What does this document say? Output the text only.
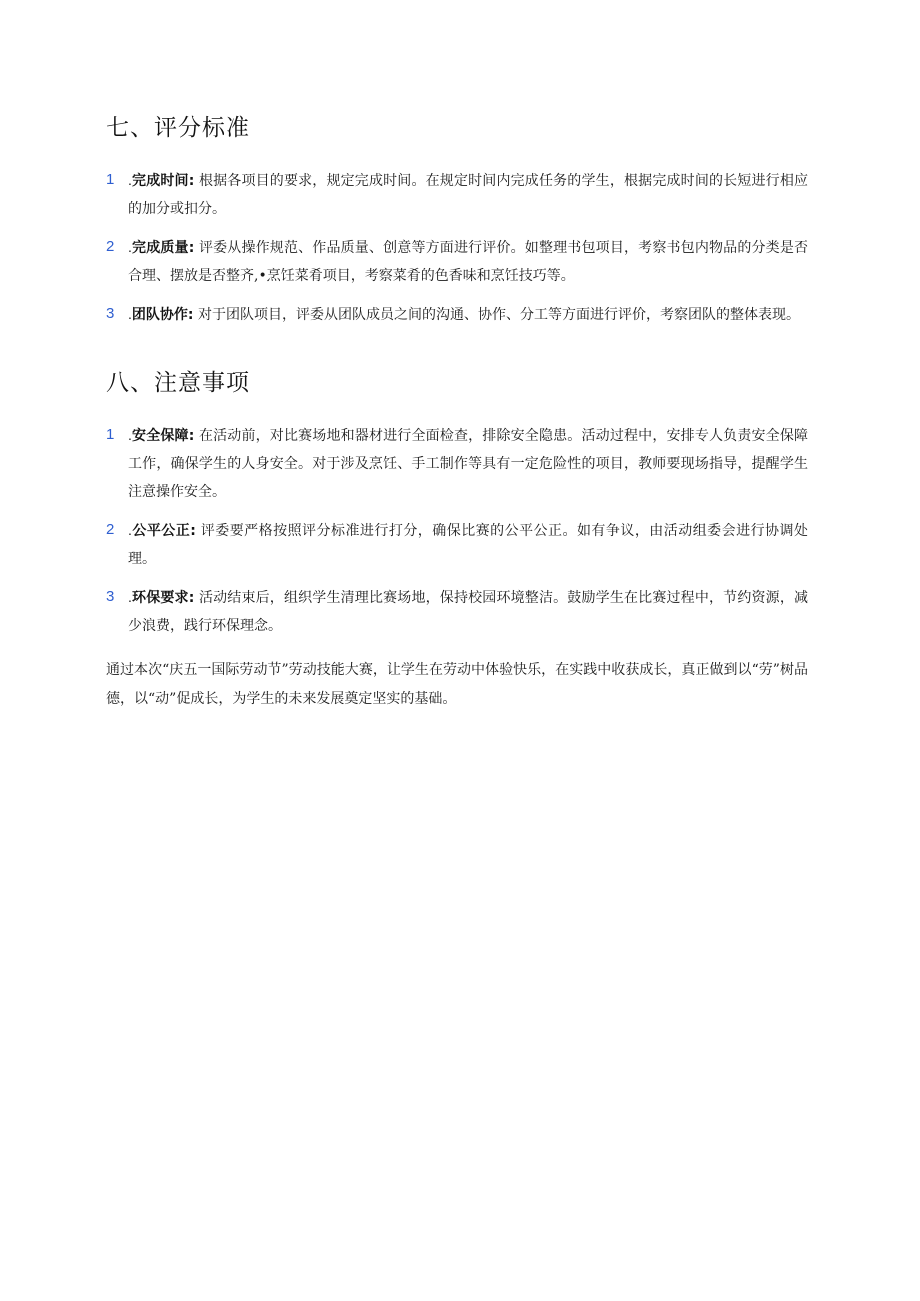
七、评分标准
1 .完成时间: 根据各项目的要求，规定完成时间。在规定时间内完成任务的学生，根据完成时间的长短进行相应的加分或扣分。
2 .完成质量: 评委从操作规范、作品质量、创意等方面进行评价。如整理书包项目，考察书包内物品的分类是否合理、摆放是否整齐,•烹饪菜肴项目，考察菜肴的色香味和烹饪技巧等。
3 .团队协作: 对于团队项目，评委从团队成员之间的沟通、协作、分工等方面进行评价，考察团队的整体表现。
八、注意事项
1 .安全保障: 在活动前，对比赛场地和器材进行全面检查，排除安全隐患。活动过程中，安排专人负责安全保障工作，确保学生的人身安全。对于涉及烹饪、手工制作等具有一定危险性的项目，教师要现场指导，提醒学生注意操作安全。
2 .公平公正: 评委要严格按照评分标准进行打分，确保比赛的公平公正。如有争议，由活动组委会进行协调处理。
3 .环保要求: 活动结束后，组织学生清理比赛场地，保持校园环境整洁。鼓励学生在比赛过程中，节约资源，减少浪费，践行环保理念。

通过本次“庆五一国际劳动节”劳动技能大赛，让学生在劳动中体验快乐，在实践中收获成长，真正做到以“劳”树品德，以“动”促成长，为学生的未来发展奠定坚实的基础。
